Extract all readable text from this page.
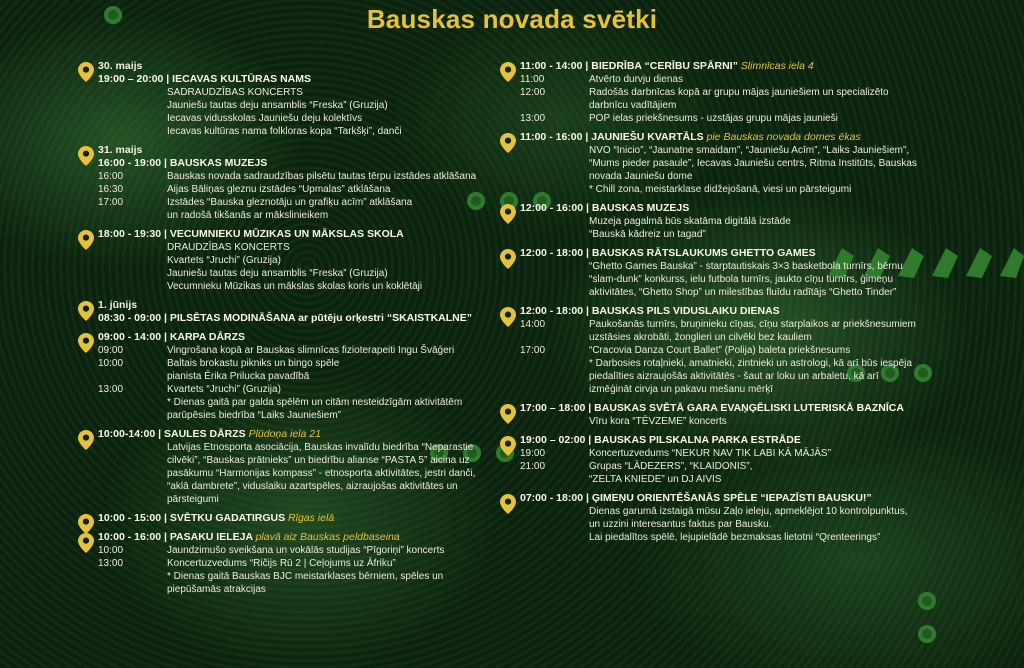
Bauskas novada svētki
30. maijs
19:00 – 20:00 | IECAVAS KULTŪRAS NAMS
SADRAUDZĪBAS KONCERTS
Jauniešu tautas deju ansamblis “Freska” (Gruzija)
Iecavas vidusskolas Jauniešu deju kolektīvs
Iecavas kultūras nama folkloras kopa “Tarkšķi”, danči
31. maijs
16:00 - 19:00 | BAUSKAS MUZEJS
16:00	Bauskas novada sadraudzības pilsētu tautas tērpu izstādes atklāšana
16:30	Aijas Bāliņas gleznu izstādes “Upmalas” atklāšana
17:00	Izstādes “Bauska gleznotāju un grafiķu acīm” atklāšana
un radošā tikšanās ar mākslinieikem
18:00 - 19:30 | VECUMNIEKU MŪZIKAS UN MĀKSLAS SKOLA
DRAUDZĪBAS KONCERTS
Kvartets “Jruchi” (Gruzija)
Jauniešu tautas deju ansamblis “Freska” (Gruzija)
Vecumnieku Mūzikas un mākslas skolas koris un koklētāji
1. jūnijs
08:30 - 09:00 | PILSĒTAS MODINĀŠANA ar pūtēju orķestri “SKAISTKALNE”
09:00 - 14:00 | KARPA DĀRZS
09:00	Vingrošana kopā ar Bauskas slimnīcas fizioterapeiti Ingu Švāģeri
10:00	Baltais brokastu pikniks un bingo spēle
pianista Ērika Prilucka pavadībā
13:00	Kvartets “Jruchi” (Gruzija)
* Dienas gaitā par galda spēlēm un citām nesteidzīgām aktivitātēm parūpēsies biedrība “Laiks Jauniešiem”
10:00-14:00 | SAULES DĀRZS Plūdoņa iela 21
Latvijas Etnosporta asociācija, Bauskas invalīdu biedrība “Neparastie cilvēki”, “Bauskas prātnieks” un biedrību alianse “PASTA 5” aicina uz pasākumu “Harmonijas kompass” - etnosporta aktivitātes, jestri danči, “aklā dambrete”, viduslaiku azartspēles, aizraujošas aktivitātes un pārsteigumi
10:00 - 15:00 | SVĒTKU GADATIRGUS Rīgas ielā
10:00 - 16:00 | PASAKU IELEJA plavā aiz Bauskas peldbaseina
10:00	Jaundzimušo sveikšana un vokālās studijas “Pīgoriņi” koncerts
13:00	Koncertuzvedums “Ričijs Rū 2 | Ceļojums uz Āfriku”
* Dienas gaitā Bauskas BJC meistarklases bērniem, spēles un piepūšamās atrakcijas
11:00 - 14:00 | BIEDRĪBA “CERĪBU SPĀRNI” Slimnīcas iela 4
11:00	Atvērto durvju dienas
12:00	Radošās darbnīcas kopā ar grupu mājas jauniešiem un specializēto darbnīcu vadītājiem
13:00	POP ielas priekšnesums - uzstājas grupu mājas jaunieši
11:00 - 16:00 | JAUNIEŠU KVARTĀLS pie Bauskas novada domes ēkas
NVO “Inicio”, “Jaunatne smaidam”, “Jauniešu Acīm”, “Laiks Jauniešiem”, “Mums pieder pasaule”, Iecavas Jauniešu centrs, Ritma Institūts, Bauskas novada Jauniešu dome
* Chill zona, meistarklase didžejošanā, viesi un pārsteigumi
12:00 - 16:00 | BAUSKAS MUZEJS
Muzeja pagalmā būs skatāma digitālā izstāde
“Bauskā kādreiz un tagad”
12:00 - 18:00 | BAUSKAS RĀTSLAUKUMS GHETTO GAMES
“Ghetto Games Bauska” - starptautiskais 3×3 basketbola turnīrs, bērnu “slam-dunk” konkurss, ielu futbola turnīrs, jaukto cīņu turnīrs, ģimeņu aktivitātes, “Ghetto Shop” un milestības fluīdu radītājs “Ghetto Tinder”
12:00 - 18:00 | BAUSKAS PILS VIDUSLAIKU DIENAS
14:00	Paukošanās turnīrs, bruņinieku cīņas, cīņu starplaikos ar priekšnesumiem uzstāsies akrobāti, žonglieri un cilvēki bez kauliem
17:00	“Cracovia Danza Court Ballet” (Polija) baleta priekšnesums
* Darbosies rotaļnieki, amatnieki, zintnieki un astrologi, kā arī būs iespēja piedalīties aizraujošās aktivitātēs - šaut ar loku un arbaletu, kā arī izmēģināt cirvja un pakavu mešanu mērķī
17:00 – 18:00 | BAUSKAS SVĒTĀ GARA EVAŅĢĒLISKI LUTERISKĀ BAZNĪCA
Vīru kora “TĒVZEME” koncerts
19:00 – 02:00 | BAUSKAS PILSKALNA PARKA ESTRĀDE
19:00	Koncertuzvedums “NEKUR NAV TIK LABI KĀ MĀJĀS”
21:00	Grupas “LĀDEZERS”, “KLAIDONIS”,
“ZELTA KNIEDE” un DJ AIVIS
07:00 - 18:00 | ĢIMEŅU ORIENTĒŠANĀS SPĒLE “IEPAZĪSTI BAUSKU!”
Dienas garumā izstaigā mūsu Zaļo ieleju, apmeklējot 10 kontrolpunktus, un uzzini interesantus faktus par Bausku.
Lai piedalītos spēlē, lejupielādē bezmaksas lietotni “Qrenteerings”
